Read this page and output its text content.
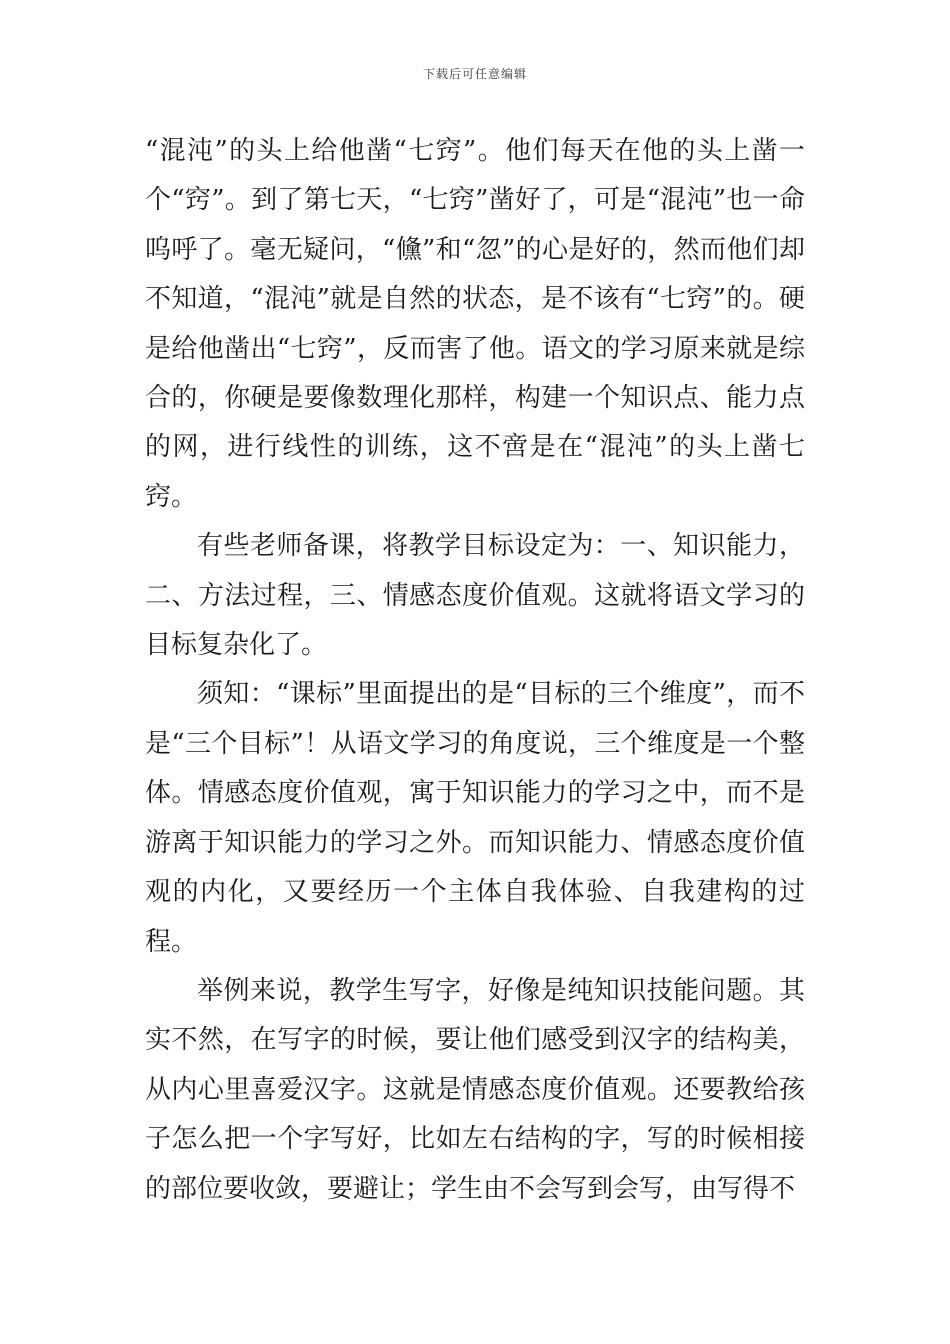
下载后可任意编辑

“混沌”的头上给他凿“七窍”。他们每天在他的头上凿一个“窍”。到了第七天，“七窍”凿好了，可是“混沌”也一命呜呼了。毫无疑问，“儵”和“忽”的心是好的，然而他们却不知道，“混沌”就是自然的状态，是不该有“七窍”的。硬是给他凿出“七窍”，反而害了他。语文的学习原来就是综合的，你硬是要像数理化那样，构建一个知识点、能力点的网，进行线性的训练，这不啻是在“混沌”的头上凿七窍。

有些老师备课，将教学目标设定为：一、知识能力，二、方法过程，三、情感态度价值观。这就将语文学习的目标复杂化了。

须知：“课标”里面提出的是“目标的三个维度”，而不是“三个目标”！从语文学习的角度说，三个维度是一个整体。情感态度价值观，寓于知识能力的学习之中，而不是游离于知识能力的学习之外。而知识能力、情感态度价值观的内化，又要经历一个主体自我体验、自我建构的过程。

举例来说，教学生写字，好像是纯知识技能问题。其实不然，在写字的时候，要让他们感受到汉字的结构美，从内心里喜爱汉字。这就是情感态度价值观。还要教给孩子怎么把一个字写好，比如左右结构的字，写的时候相接的部位要收敛，要避让；学生由不会写到会写，由写得不
